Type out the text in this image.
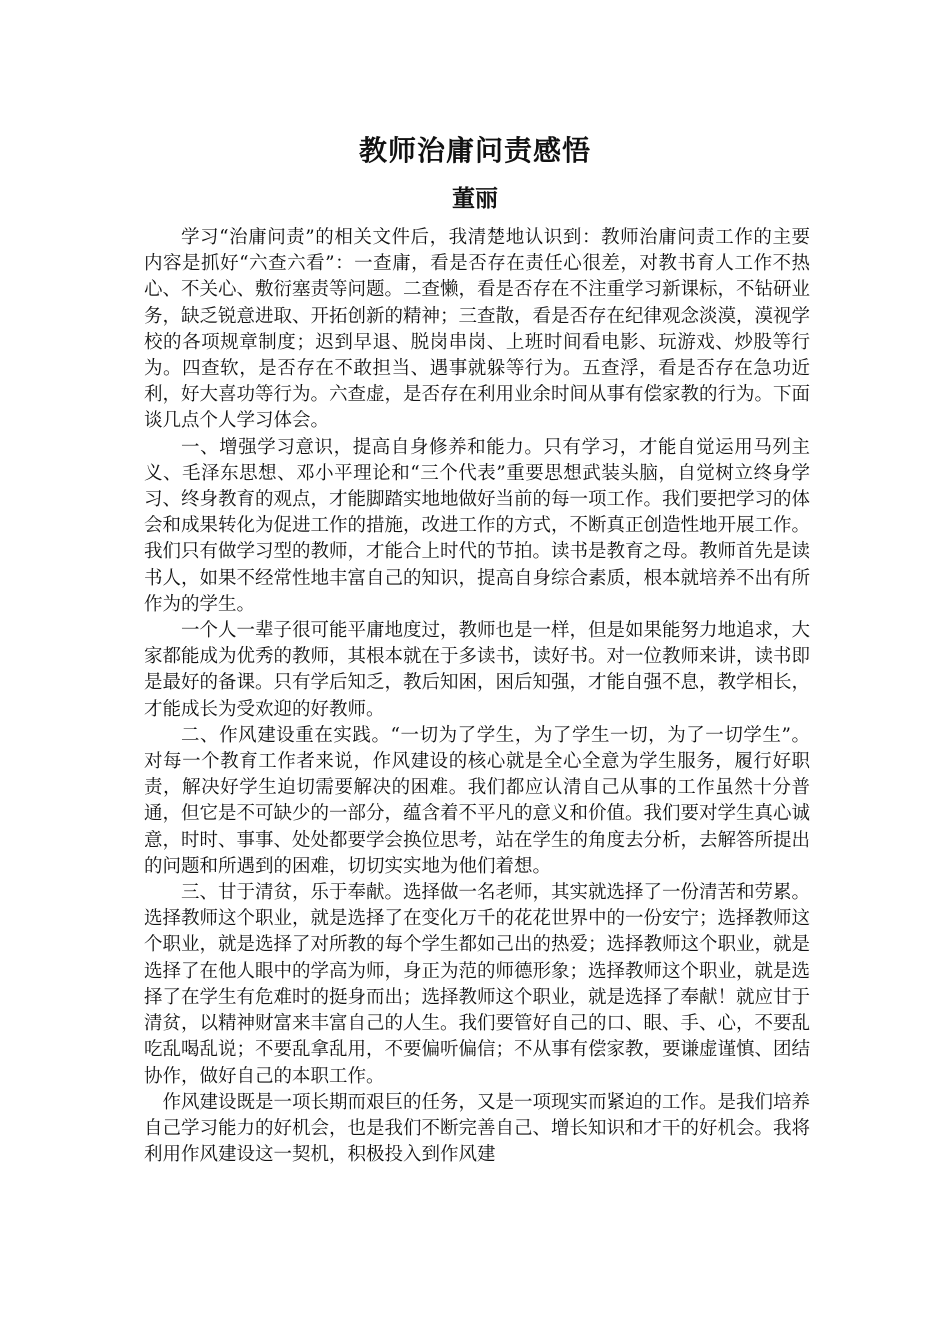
教师治庸问责感悟
董丽

学习“治庸问责”的相关文件后，我清楚地认识到：教师治庸问责工作的主要内容是抓好“六查六看”：一查庸，看是否存在责任心很差，对教书育人工作不热心、不关心、敷衍塞责等问题。二查懒，看是否存在不注重学习新课标，不钻研业务，缺乏锐意进取、开拓创新的精神；三查散，看是否存在纪律观念淡漠，漠视学校的各项规章制度；迟到早退、脱岗串岗、上班时间看电影、玩游戏、炒股等行为。四查软，是否存在不敢担当、遇事就躲等行为。五查浮，看是否存在急功近利，好大喜功等行为。六查虚，是否存在利用业余时间从事有偿家教的行为。下面谈几点个人学习体会。

一、增强学习意识，提高自身修养和能力。只有学习，才能自觉运用马列主义、毛泽东思想、邓小平理论和“三个代表”重要思想武装头脑，自觉树立终身学习、终身教育的观点，才能脚踏实地地做好当前的每一项工作。我们要把学习的体会和成果转化为促进工作的措施，改进工作的方式，不断真正创造性地开展工作。我们只有做学习型的教师，才能合上时代的节拍。读书是教育之母。教师首先是读书人，如果不经常性地丰富自己的知识，提高自身综合素质，根本就培养不出有所作为的学生。

一个人一辈子很可能平庸地度过，教师也是一样，但是如果能努力地追求，大家都能成为优秀的教师，其根本就在于多读书，读好书。对一位教师来讲，读书即是最好的备课。只有学后知乏，教后知困，困后知强，才能自强不息，教学相长，才能成长为受欢迎的好教师。

二、作风建设重在实践。“一切为了学生，为了学生一切，为了一切学生”。对每一个教育工作者来说，作风建设的核心就是全心全意为学生服务，履行好职责，解决好学生迫切需要解决的困难。我们都应认清自己从事的工作虽然十分普通，但它是不可缺少的一部分，蕴含着不平凡的意义和价值。我们要对学生真心诚意，时时、事事、处处都要学会换位思考，站在学生的角度去分析，去解答所提出的问题和所遇到的困难，切切实实地为他们着想。

三、甘于清贫，乐于奉献。选择做一名老师，其实就选择了一份清苦和劳累。选择教师这个职业，就是选择了在变化万千的花花世界中的一份安宁；选择教师这个职业，就是选择了对所教的每个学生都如己出的热爱；选择教师这个职业，就是选择了在他人眼中的学高为师，身正为范的师德形象；选择教师这个职业，就是选择了在学生有危难时的挺身而出；选择教师这个职业，就是选择了奉献！就应甘于清贫，以精神财富来丰富自己的人生。我们要管好自己的口、眼、手、心，不要乱吃乱喝乱说；不要乱拿乱用，不要偏听偏信；不从事有偿家教，要谦虚谨慎、团结协作，做好自己的本职工作。

作风建设既是一项长期而艰巨的任务，又是一项现实而紧迫的工作。是我们培养自己学习能力的好机会，也是我们不断完善自己、增长知识和才干的好机会。我将利用作风建设这一契机，积极投入到作风建
